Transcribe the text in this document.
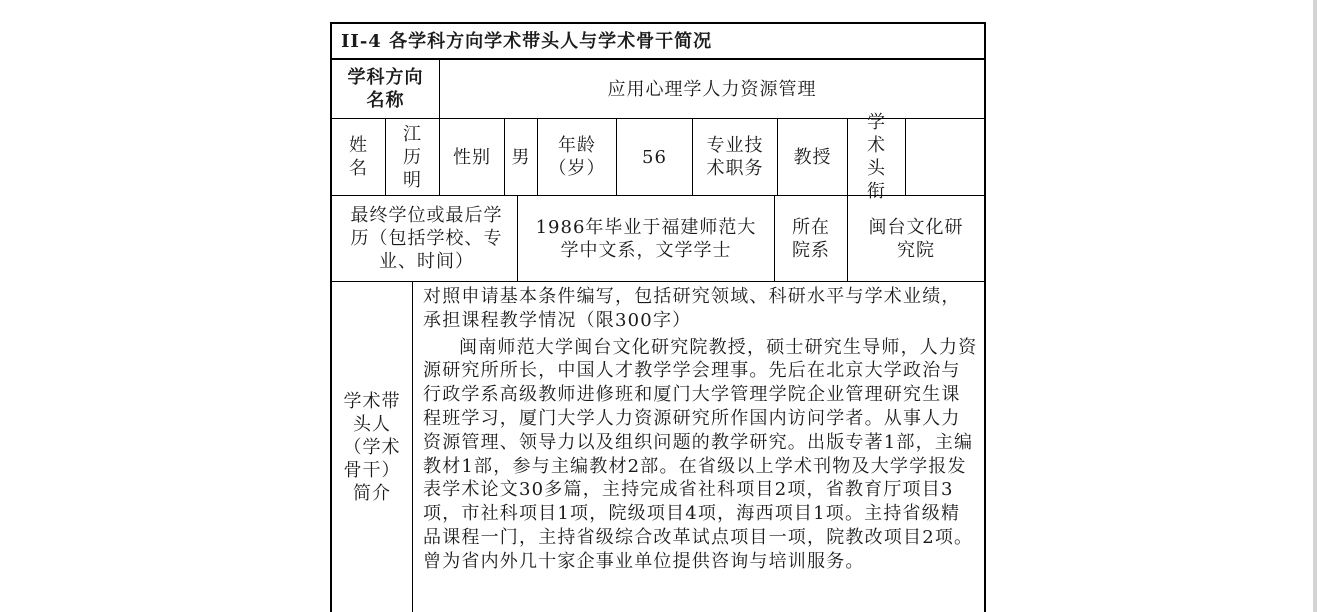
II-4 各学科方向学术带头人与学术骨干简况
学科方向名称
应用心理学人力资源管理
姓名
江历明
性别	男
年龄（岁）
56
专业技术职务
教授
学术头衔
最终学位或最后学历（包括学校、专业、时间）
1986年毕业于福建师范大学中文系，文学学士
所在院系
闽台文化研究院
学术带头人（学术骨干）简介

对照申请基本条件编写，包括研究领域、科研水平与学术业绩，承担课程教学情况（限300字）

闽南师范大学闽台文化研究院教授，硕士研究生导师，人力资源研究所所长，中国人才教学学会理事。先后在北京大学政治与行政学系高级教师进修班和厦门大学管理学院企业管理研究生课程班学习，厦门大学人力资源研究所作国内访问学者。从事人力资源管理、领导力以及组织问题的教学研究。出版专著1部，主编教材1部，参与主编教材2部。在省级以上学术刊物及大学学报发表学术论文30多篇，主持完成省社科项目2项，省教育厅项目3项，市社科项目1项，院级项目4项，海西项目1项。主持省级精品课程一门，主持省级综合改革试点项目一项，院教改项目2项。曾为省内外几十家企事业单位提供咨询与培训服务。
